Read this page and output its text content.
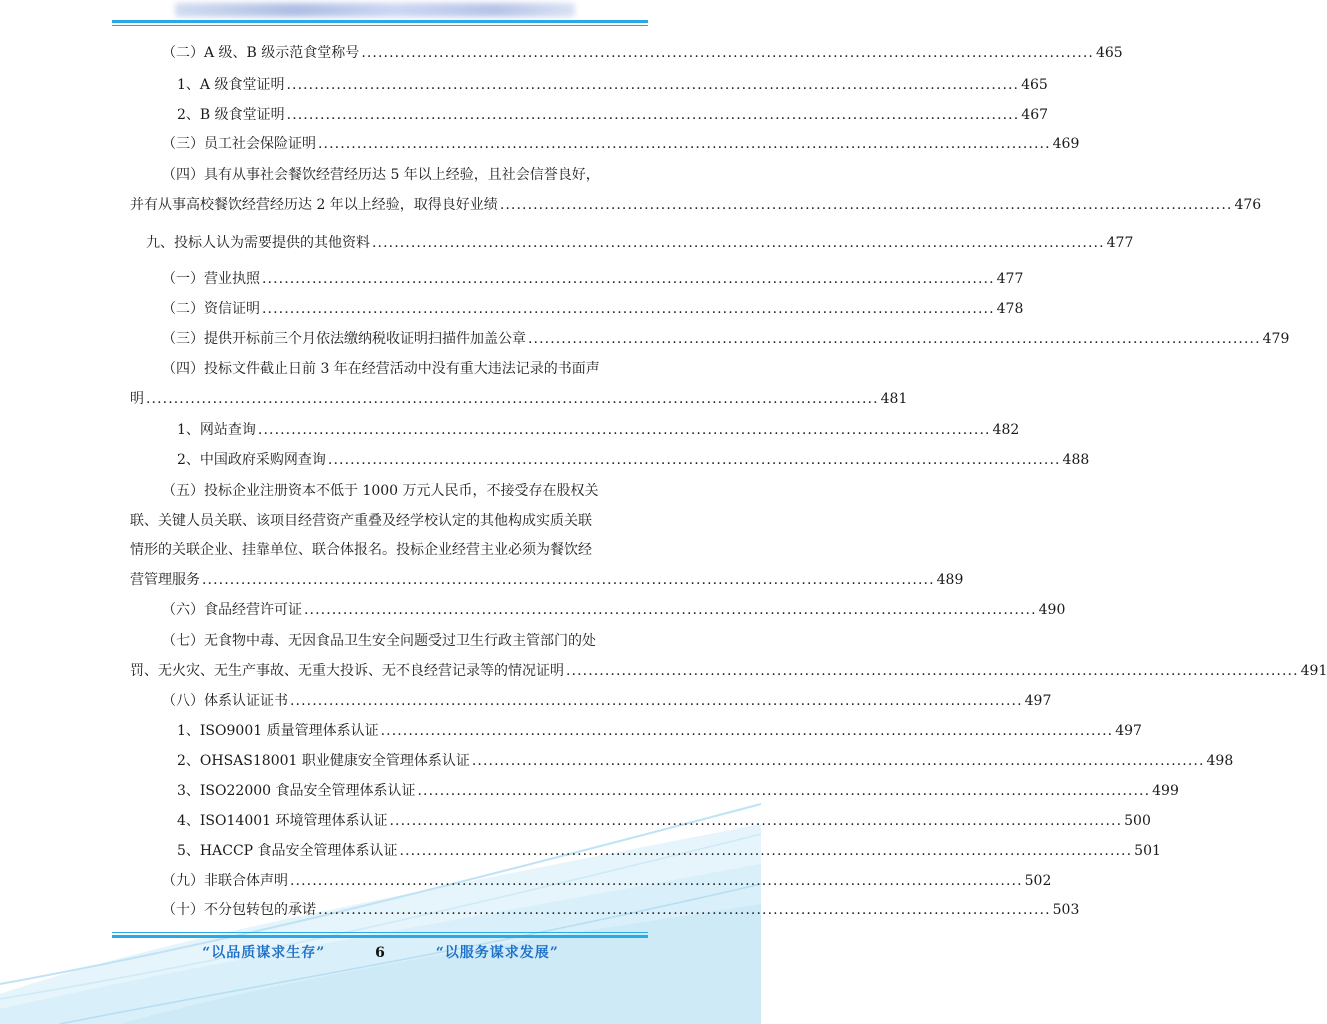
（二）A 级、B 级示范食堂称号 .................................................................................................................................... 465
1、A 级食堂证明 .................................................................................................................................... 465
2、B 级食堂证明 .................................................................................................................................... 467
（三）员工社会保险证明 .................................................................................................................................... 469
（四）具有从事社会餐饮经营经历达 5 年以上经验，且社会信誉良好，
并有从事高校餐饮经营经历达 2 年以上经验，取得良好业绩 .................................................................................................................................... 476
九、投标人认为需要提供的其他资料 .................................................................................................................................... 477
（一）营业执照 .................................................................................................................................... 477
（二）资信证明 .................................................................................................................................... 478
（三）提供开标前三个月依法缴纳税收证明扫描件加盖公章 .................................................................................................................................... 479
（四）投标文件截止日前 3 年在经营活动中没有重大违法记录的书面声
明 .................................................................................................................................... 481
1、网站查询 .................................................................................................................................... 482
2、中国政府采购网查询 .................................................................................................................................... 488
（五）投标企业注册资本不低于 1000 万元人民币，不接受存在股权关
联、关键人员关联、该项目经营资产重叠及经学校认定的其他构成实质关联
情形的关联企业、挂靠单位、联合体报名。投标企业经营主业必须为餐饮经
营管理服务 .................................................................................................................................... 489
（六）食品经营许可证 .................................................................................................................................... 490
（七）无食物中毒、无因食品卫生安全问题受过卫生行政主管部门的处
罚、无火灾、无生产事故、无重大投诉、无不良经营记录等的情况证明 .................................................................................................................................... 491
（八）体系认证证书 .................................................................................................................................... 497
1、ISO9001 质量管理体系认证 .................................................................................................................................... 497
2、OHSAS18001 职业健康安全管理体系认证 .................................................................................................................................... 498
3、ISO22000 食品安全管理体系认证 .................................................................................................................................... 499
4、ISO14001 环境管理体系认证 .................................................................................................................................... 500
5、HACCP 食品安全管理体系认证 .................................................................................................................................... 501
（九）非联合体声明 .................................................................................................................................... 502
（十）不分包转包的承诺 .................................................................................................................................... 503
“以品质谋求生存”	6	“以服务谋求发展”
